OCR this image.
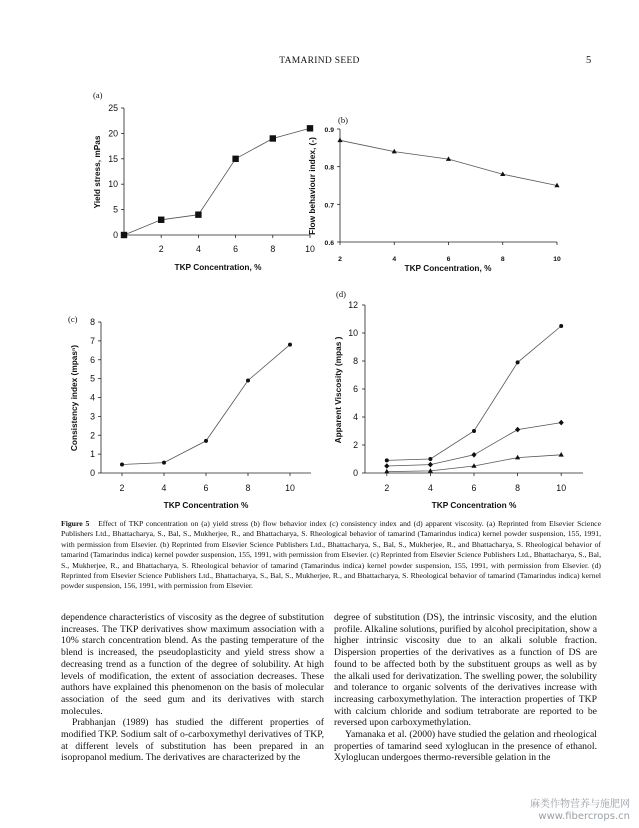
TAMARIND SEED	5
(a)
0
5
10
15
20
25
2	4	6	8	10
TKP Concentration, %
Yield stress, mPas
(b)
0.6
0.7
0.8
0.9
2	4	6	8	10
TKP Concentration, %
Flow behaviour index, (-)
(c)
0
1
2
3
4
5
6
7
8
2	4	6	8	10
TKP Concentration %
Consistency index (mpasⁿ)
(d)
0
2
4
6
8
10
12
2	4	6	8	10
TKP Concentration %
Apparent Viscosity (mpas )
Figure 5 Effect of TKP concentration on (a) yield stress (b) flow behavior index (c) consistency index and (d) apparent viscosity. (a) Reprinted from Elsevier Science Publishers Ltd., Bhattacharya, S., Bal, S., Mukherjee, R., and Bhattacharya, S. Rheological behavior of tamarind (Tamarindus indica) kernel powder suspension, 155, 1991, with permission from Elsevier. (b) Reprinted from Elsevier Science Publishers Ltd., Bhattacharya, S., Bal, S., Mukherjee, R., and Bhattacharya, S. Rheological behavior of tamarind (Tamarindus indica) kernel powder suspension, 155, 1991, with permission from Elsevier. (c) Reprinted from Elsevier Science Publishers Ltd., Bhattacharya, S., Bal, S., Mukherjee, R., and Bhattacharya, S. Rheological behavior of tamarind (Tamarindus indica) kernel powder suspension, 155, 1991, with permission from Elsevier. (d) Reprinted from Elsevier Science Publishers Ltd., Bhattacharya, S., Bal, S., Mukherjee, R., and Bhattacharya, S. Rheological behavior of tamarind (Tamarindus indica) kernel powder suspension, 156, 1991, with permission from Elsevier.

dependence characteristics of viscosity as the degree of substitution increases. The TKP derivatives show maximum association with a 10% starch concentration blend. As the pasting temperature of the blend is increased, the pseudoplasticity and yield stress show a decreasing trend as a function of the degree of solubility. At high levels of modification, the extent of association decreases. These authors have explained this phenomenon on the basis of molecular association of the seed gum and its derivatives with starch molecules.

Prabhanjan (1989) has studied the different properties of modified TKP. Sodium salt of o-carboxymethyl derivatives of TKP, at different levels of substitution has been prepared in an isopropanol medium. The derivatives are characterized by the

degree of substitution (DS), the intrinsic viscosity, and the elution profile. Alkaline solutions, purified by alcohol precipitation, show a higher intrinsic viscosity due to an alkali soluble fraction. Dispersion properties of the derivatives as a function of DS are found to be affected both by the substituent groups as well as by the alkali used for derivatization. The swelling power, the solubility and tolerance to organic solvents of the derivatives increase with increasing carboxymethylation. The interaction properties of TKP with calcium chloride and sodium tetraborate are reported to be reversed upon carboxymethylation.

Yamanaka et al. (2000) have studied the gelation and rheological properties of tamarind seed xyloglucan in the presence of ethanol. Xyloglucan undergoes thermo-reversible gelation in the

麻类作物营养与施肥网
www.fibercrops.cn
